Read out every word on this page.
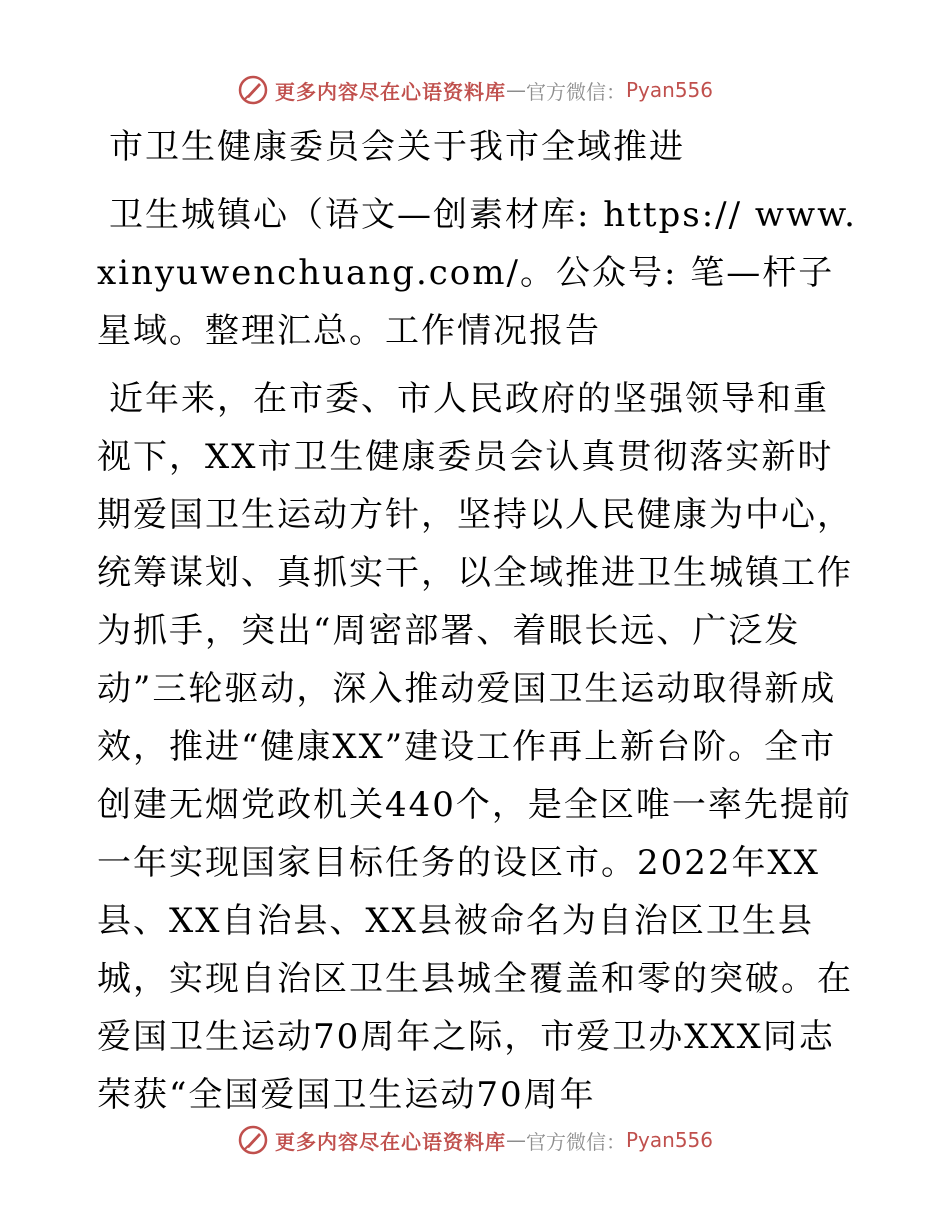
更多内容尽在心语资料库 — 官方微信： Pyan556

市卫生健康委员会关于我市全域推进

卫生城镇心（语文—创素材库: https:// www.xinyuwenchuang.com/。公众号: 笔—杆子星域。整理汇总。工作情况报告

近年来，在市委、市人民政府的坚强领导和重视下，XX市卫生健康委员会认真贯彻落实新时期爱国卫生运动方针，坚持以人民健康为中心，统筹谋划、真抓实干，以全域推进卫生城镇工作为抓手，突出“周密部署、着眼长远、广泛发动”三轮驱动，深入推动爱国卫生运动取得新成效，推进“健康XX”建设工作再上新台阶。全市创建无烟党政机关440个，是全区唯一率先提前一年实现国家目标任务的设区市。2022年XX县、XX自治县、XX县被命名为自治区卫生县城，实现自治区卫生县城全覆盖和零的突破。在爱国卫生运动70周年之际，市爱卫办XXX同志荣获“全国爱国卫生运动70周年

更多内容尽在心语资料库 — 官方微信： Pyan556
